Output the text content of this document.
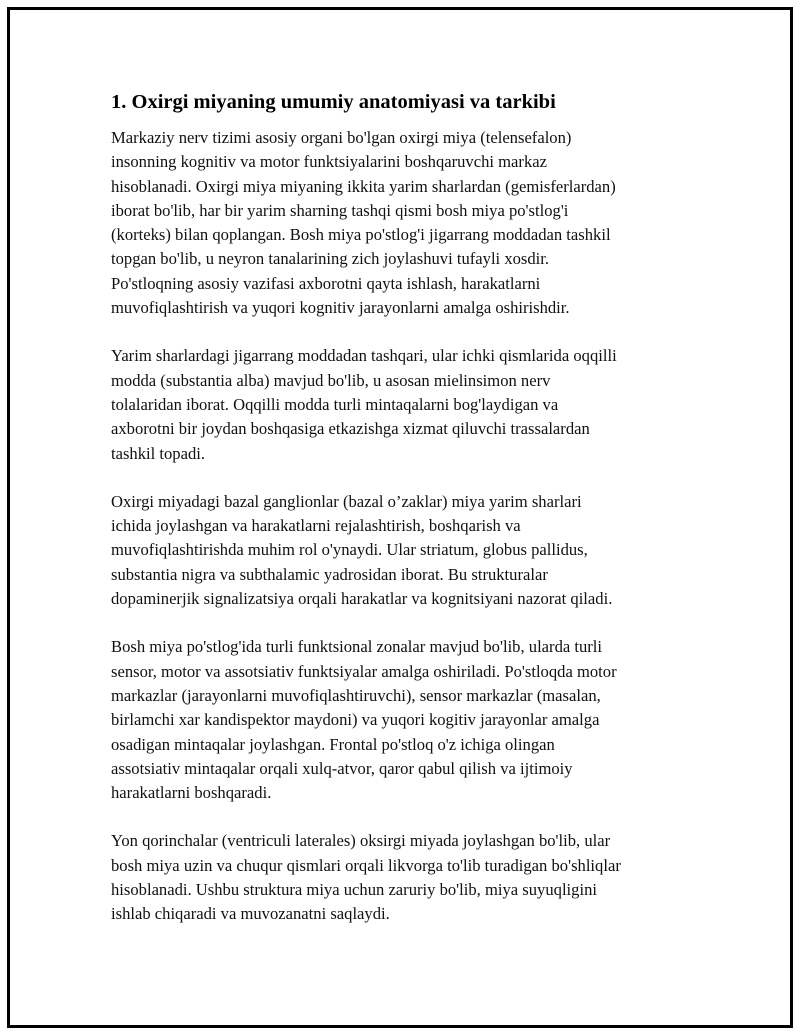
1. Oxirgi miyaning umumiy anatomiyasi va tarkibi

Markaziy nerv tizimi asosiy organi bo'lgan oxirgi miya (telensefalon)
insonning kognitiv va motor funktsiyalarini boshqaruvchi markaz
hisoblanadi. Oxirgi miya miyaning ikkita yarim sharlardan (gemisferlardan)
iborat bo'lib, har bir yarim sharning tashqi qismi bosh miya po'stlog'i
(korteks) bilan qoplangan. Bosh miya po'stlog'i jigarrang moddadan tashkil
topgan bo'lib, u neyron tanalarining zich joylashuvi tufayli xosdir.
Po'stloqning asosiy vazifasi axborotni qayta ishlash, harakatlarni
muvofiqlashtirish va yuqori kognitiv jarayonlarni amalga oshirishdir.

Yarim sharlardagi jigarrang moddadan tashqari, ular ichki qismlarida oqqilli
modda (substantia alba) mavjud bo'lib, u asosan mielinsimon nerv
tolalaridan iborat. Oqqilli modda turli mintaqalarni bog'laydigan va
axborotni bir joydan boshqasiga etkazishga xizmat qiluvchi trassalardan
tashkil topadi.

Oxirgi miyadagi bazal ganglionlar (bazal o’zaklar) miya yarim sharlari
ichida joylashgan va harakatlarni rejalashtirish, boshqarish va
muvofiqlashtirishda muhim rol o'ynaydi. Ular striatum, globus pallidus,
substantia nigra va subthalamic yadrosidan iborat. Bu strukturalar
dopaminerjik signalizatsiya orqali harakatlar va kognitsiyani nazorat qiladi.

Bosh miya po'stlog'ida turli funktsional zonalar mavjud bo'lib, ularda turli
sensor, motor va assotsiativ funktsiyalar amalga oshiriladi. Po'stloqda motor
markazlar (jarayonlarni muvofiqlashtiruvchi), sensor markazlar (masalan,
birlamchi xar kandispektor maydoni) va yuqori kogitiv jarayonlar amalga
osadigan mintaqalar joylashgan. Frontal po'stloq o'z ichiga olingan
assotsiativ mintaqalar orqali xulq-atvor, qaror qabul qilish va ijtimoiy
harakatlarni boshqaradi.

Yon qorinchalar (ventriculi laterales) oksirgi miyada joylashgan bo'lib, ular
bosh miya uzin va chuqur qismlari orqali likvorga to'lib turadigan bo'shliqlar
hisoblanadi. Ushbu struktura miya uchun zaruriy bo'lib, miya suyuqligini
ishlab chiqaradi va muvozanatni saqlaydi.
